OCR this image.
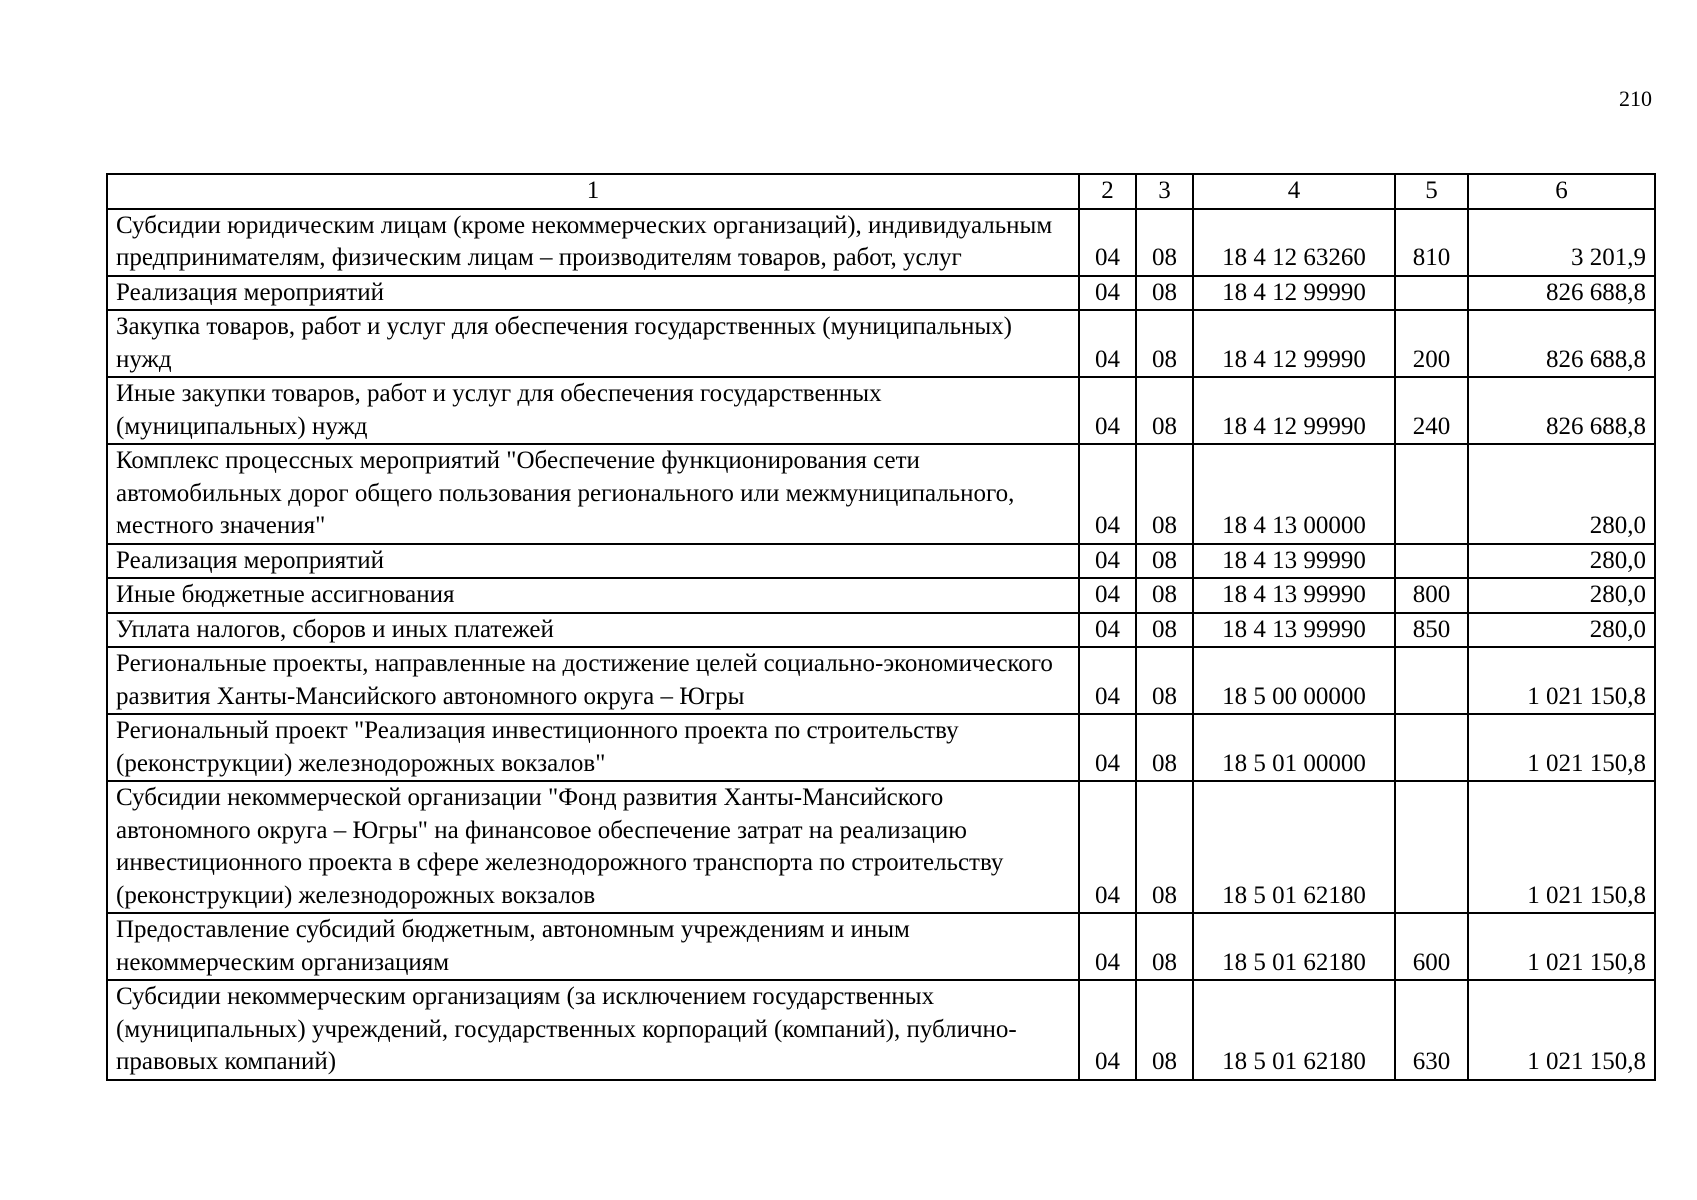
210
1	2	3	4	5	6
Субсидии юридическим лицам (кроме некоммерческих организаций), индивидуальным предпринимателям, физическим лицам – производителям товаров, работ, услуг	04	08	18 4 12 63260	810	3 201,9
Реализация мероприятий	04	08	18 4 12 99990		826 688,8
Закупка товаров, работ и услуг для обеспечения государственных (муниципальных) нужд	04	08	18 4 12 99990	200	826 688,8
Иные закупки товаров, работ и услуг для обеспечения государственных (муниципальных) нужд	04	08	18 4 12 99990	240	826 688,8
Комплекс процессных мероприятий "Обеспечение функционирования сети автомобильных дорог общего пользования регионального или межмуниципального, местного значения"	04	08	18 4 13 00000		280,0
Реализация мероприятий	04	08	18 4 13 99990		280,0
Иные бюджетные ассигнования	04	08	18 4 13 99990	800	280,0
Уплата налогов, сборов и иных платежей	04	08	18 4 13 99990	850	280,0
Региональные проекты, направленные на достижение целей социально-экономического развития Ханты-Мансийского автономного округа – Югры	04	08	18 5 00 00000		1 021 150,8
Региональный проект "Реализация инвестиционного проекта по строительству (реконструкции) железнодорожных вокзалов"	04	08	18 5 01 00000		1 021 150,8
Субсидии некоммерческой организации "Фонд развития Ханты-Мансийского автономного округа – Югры" на финансовое обеспечение затрат на реализацию инвестиционного проекта в сфере железнодорожного транспорта по строительству (реконструкции) железнодорожных вокзалов	04	08	18 5 01 62180		1 021 150,8
Предоставление субсидий бюджетным, автономным учреждениям и иным некоммерческим организациям	04	08	18 5 01 62180	600	1 021 150,8
Субсидии некоммерческим организациям (за исключением государственных (муниципальных) учреждений, государственных корпораций (компаний), публично-правовых компаний)	04	08	18 5 01 62180	630	1 021 150,8
